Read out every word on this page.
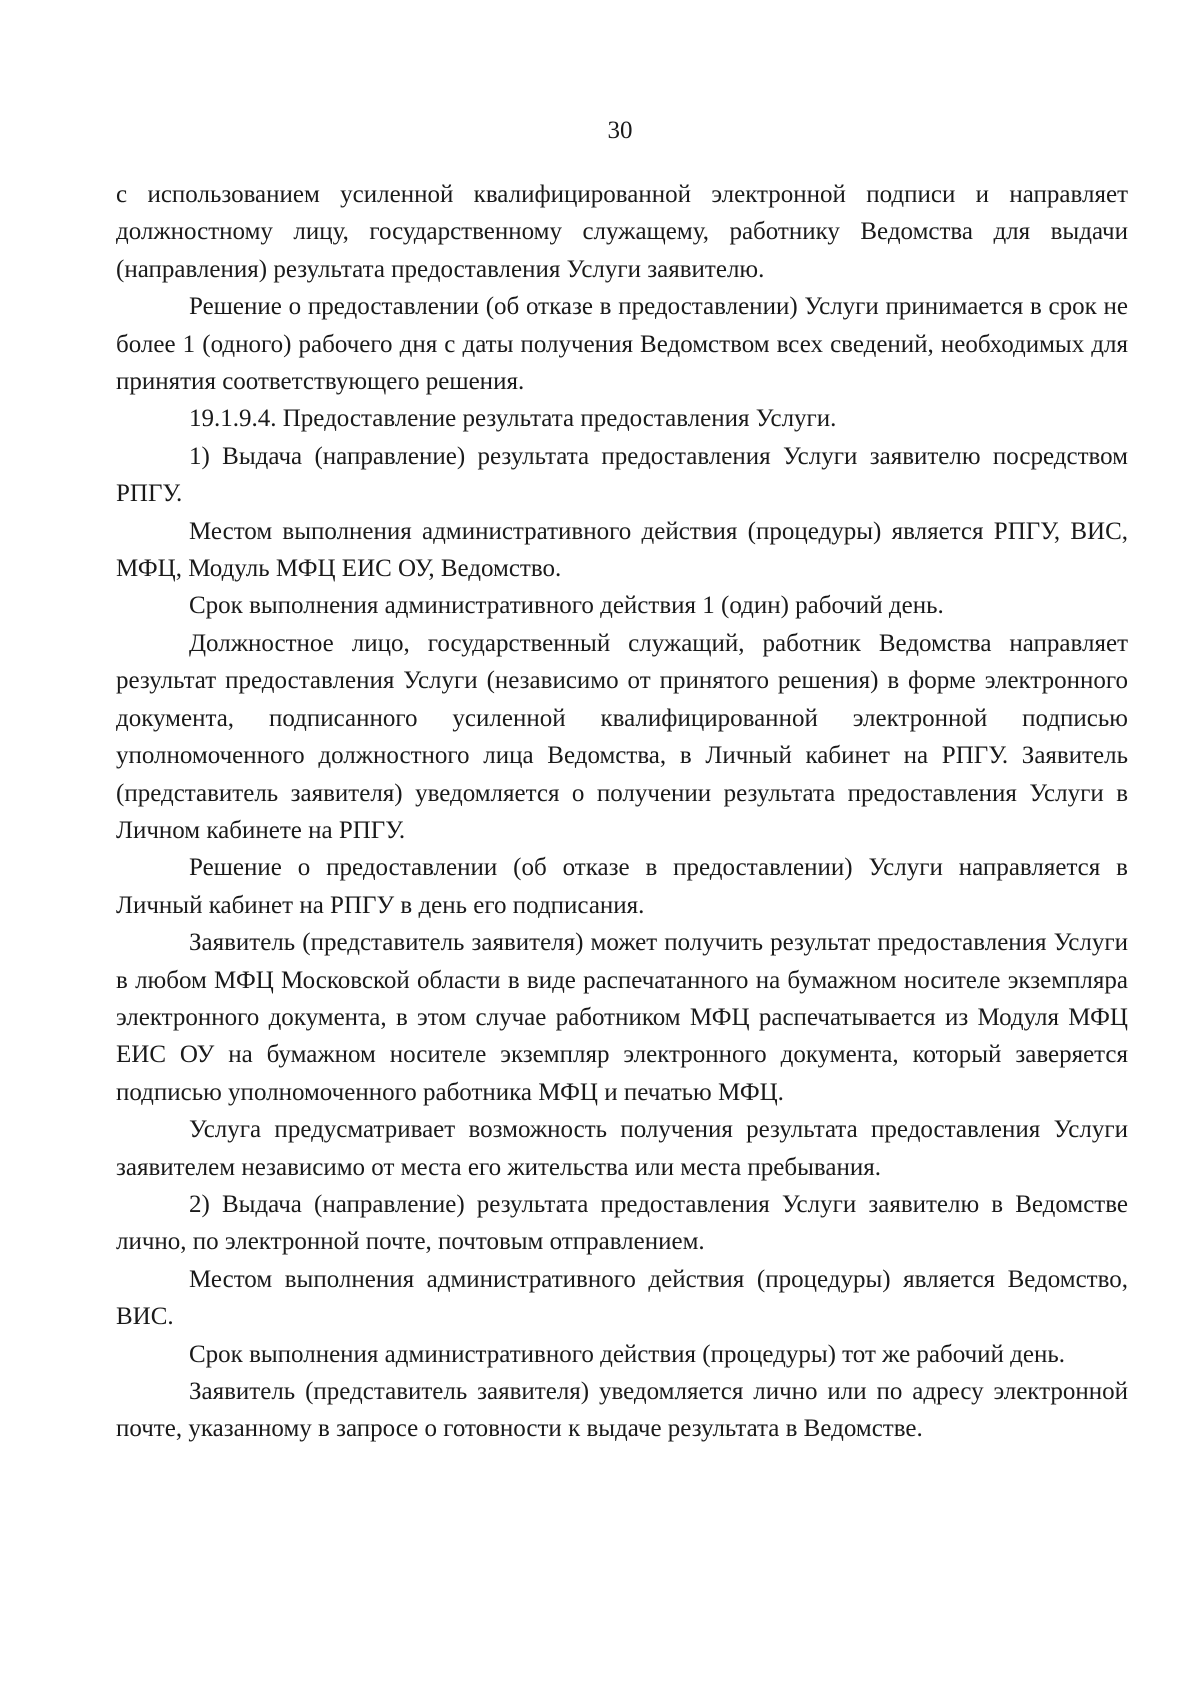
30

с использованием усиленной квалифицированной электронной подписи и направляет должностному лицу, государственному служащему, работнику Ведомства для выдачи (направления) результата предоставления Услуги заявителю.

Решение о предоставлении (об отказе в предоставлении) Услуги принимается в срок не более 1 (одного) рабочего дня с даты получения Ведомством всех сведений, необходимых для принятия соответствующего решения.

19.1.9.4. Предоставление результата предоставления Услуги.

1) Выдача (направление) результата предоставления Услуги заявителю посредством РПГУ.

Местом выполнения административного действия (процедуры) является РПГУ, ВИС, МФЦ, Модуль МФЦ ЕИС ОУ, Ведомство.

Срок выполнения административного действия 1 (один) рабочий день.

Должностное лицо, государственный служащий, работник Ведомства направляет результат предоставления Услуги (независимо от принятого решения) в форме электронного документа, подписанного усиленной квалифицированной электронной подписью уполномоченного должностного лица Ведомства, в Личный кабинет на РПГУ. Заявитель (представитель заявителя) уведомляется о получении результата предоставления Услуги в Личном кабинете на РПГУ.

Решение о предоставлении (об отказе в предоставлении) Услуги направляется в Личный кабинет на РПГУ в день его подписания.

Заявитель (представитель заявителя) может получить результат предоставления Услуги в любом МФЦ Московской области в виде распечатанного на бумажном носителе экземпляра электронного документа, в этом случае работником МФЦ распечатывается из Модуля МФЦ ЕИС ОУ на бумажном носителе экземпляр электронного документа, который заверяется подписью уполномоченного работника МФЦ и печатью МФЦ.

Услуга предусматривает возможность получения результата предоставления Услуги заявителем независимо от места его жительства или места пребывания.

2) Выдача (направление) результата предоставления Услуги заявителю в Ведомстве лично, по электронной почте, почтовым отправлением.

Местом выполнения административного действия (процедуры) является Ведомство, ВИС.

Срок выполнения административного действия (процедуры) тот же рабочий день.

Заявитель (представитель заявителя) уведомляется лично или по адресу электронной почте, указанному в запросе о готовности к выдаче результата в Ведомстве.
